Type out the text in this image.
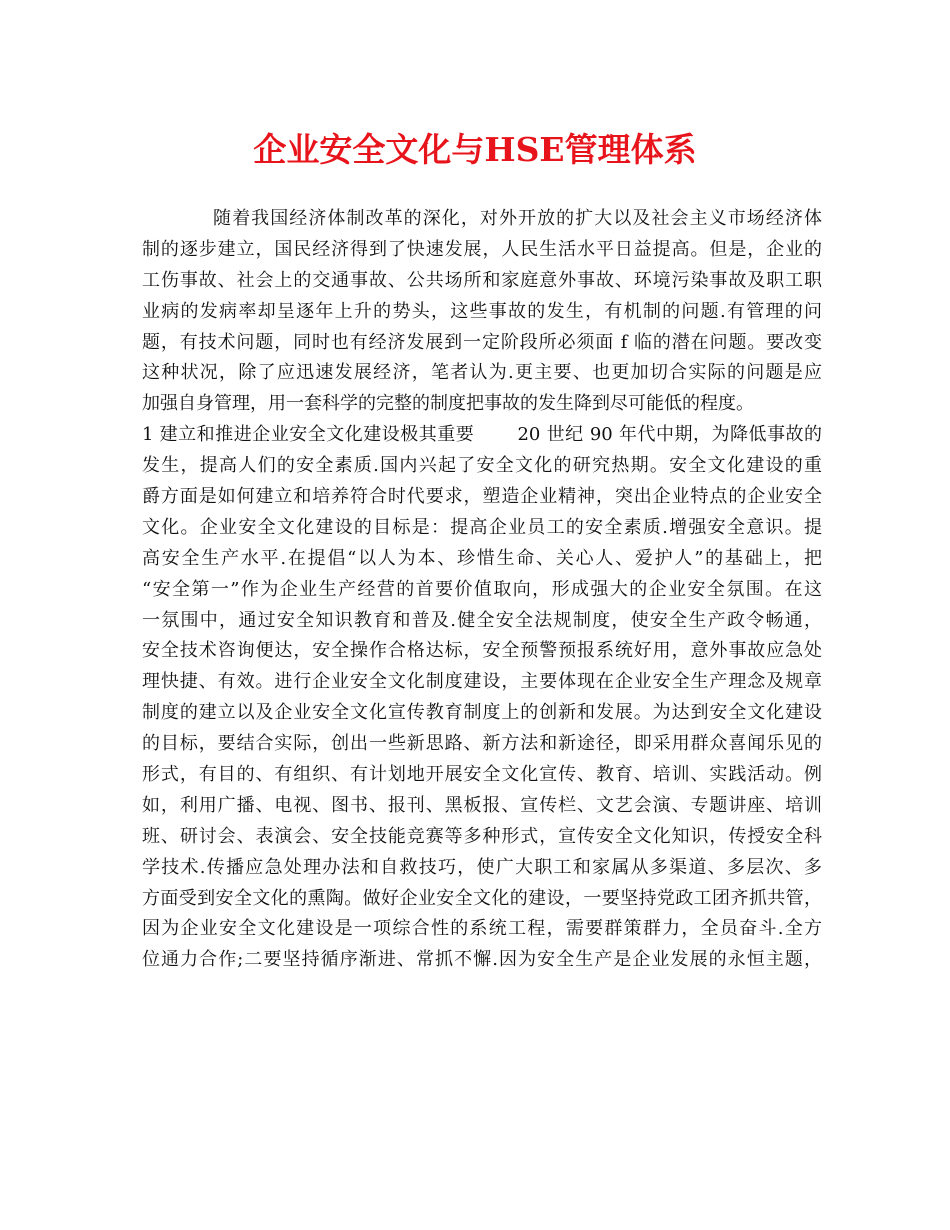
企业安全文化与HSE管理体系
随着我国经济体制改革的深化，对外开放的扩大以及社会主义市场经济体
制的逐步建立，国民经济得到了快速发展，人民生活水平日益提高。但是，企业的
工伤事故、社会上的交通事故、公共场所和家庭意外事故、环境污染事故及职工职
业病的发病率却呈逐年上升的势头，这些事故的发生，有机制的问题.有管理的问
题，有技术问题，同时也有经济发展到一定阶段所必须面 f 临的潜在问题。要改变
这种状况，除了应迅速发展经济，笔者认为.更主要、也更加切合实际的问题是应
加强自身管理，用一套科学的完整的制度把事故的发生降到尽可能低的程度。
1 建立和推进企业安全文化建设极其重要　　 20 世纪 90 年代中期，为降低事故的
发生，提高人们的安全素质.国内兴起了安全文化的研究热期。安全文化建设的重
爵方面是如何建立和培养符合时代要求，塑造企业精神，突出企业特点的企业安全
文化。企业安全文化建设的目标是：提高企业员工的安全素质.增强安全意识。提
高安全生产水平.在提倡“以人为本、珍惜生命、关心人、爱护人”的基础上，把
“安全第一”作为企业生产经营的首要价值取向，形成强大的企业安全氛围。在这
一氛围中，通过安全知识教育和普及.健全安全法规制度，使安全生产政令畅通，
安全技术咨询便达，安全操作合格达标，安全预警预报系统好用，意外事故应急处
理快捷、有效。进行企业安全文化制度建设，主要体现在企业安全生产理念及规章
制度的建立以及企业安全文化宣传教育制度上的创新和发展。为达到安全文化建设
的目标，要结合实际，创出一些新思路、新方法和新途径，即采用群众喜闻乐见的
形式，有目的、有组织、有计划地开展安全文化宣传、教育、培训、实践活动。例
如，利用广播、电视、图书、报刊、黑板报、宣传栏、文艺会演、专题讲座、培训
班、研讨会、表演会、安全技能竞赛等多种形式，宣传安全文化知识，传授安全科
学技术.传播应急处理办法和自救技巧，使广大职工和家属从多渠道、多层次、多
方面受到安全文化的熏陶。做好企业安全文化的建设，一要坚持党政工团齐抓共管，
因为企业安全文化建设是一项综合性的系统工程，需要群策群力，全员奋斗.全方
位通力合作;二要坚持循序渐进、常抓不懈.因为安全生产是企业发展的永恒主题，
